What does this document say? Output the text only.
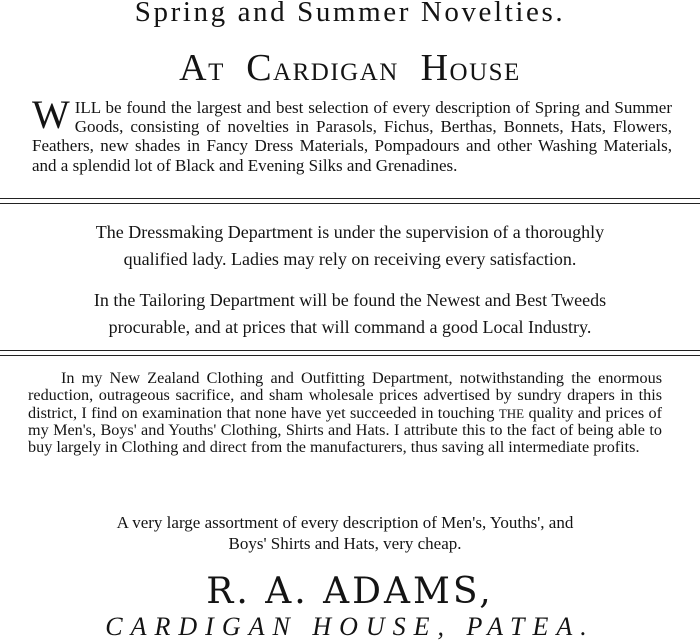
Spring and Summer Novelties.
AT   CARDIGAN   HOUSE
WILL be found the largest and best selection of every description of Spring and Summer Goods, consisting of novelties in Parasols, Fichus, Berthas, Bonnets, Hats, Flowers, Feathers, new shades in Fancy Dress Materials, Pompadours and other Washing Materials, and a splendid lot of Black and Evening Silks and Grenadines.
The Dressmaking Department is under the supervision of a thoroughly
qualified lady. Ladies may rely on receiving every satisfaction.
In the Tailoring Department will be found the Newest and Best Tweeds
procurable, and at prices that will command a good Local Industry.
In my New Zealand Clothing and Outfitting Department, notwithstanding the enormous reduction, outrageous sacrifice, and sham wholesale prices advertised by sundry drapers in this district, I find on examination that none have yet succeeded in touching THE quality and prices of my Men's, Boys' and Youths' Clothing, Shirts and Hats. I attribute this to the fact of being able to buy largely in Clothing and direct from the manufacturers, thus saving all intermediate profits.
A very large assortment of every description of Men's, Youths', and
Boys' Shirts and Hats, very cheap.
R. A. ADAMS,
CARDIGAN HOUSE, PATEA.
